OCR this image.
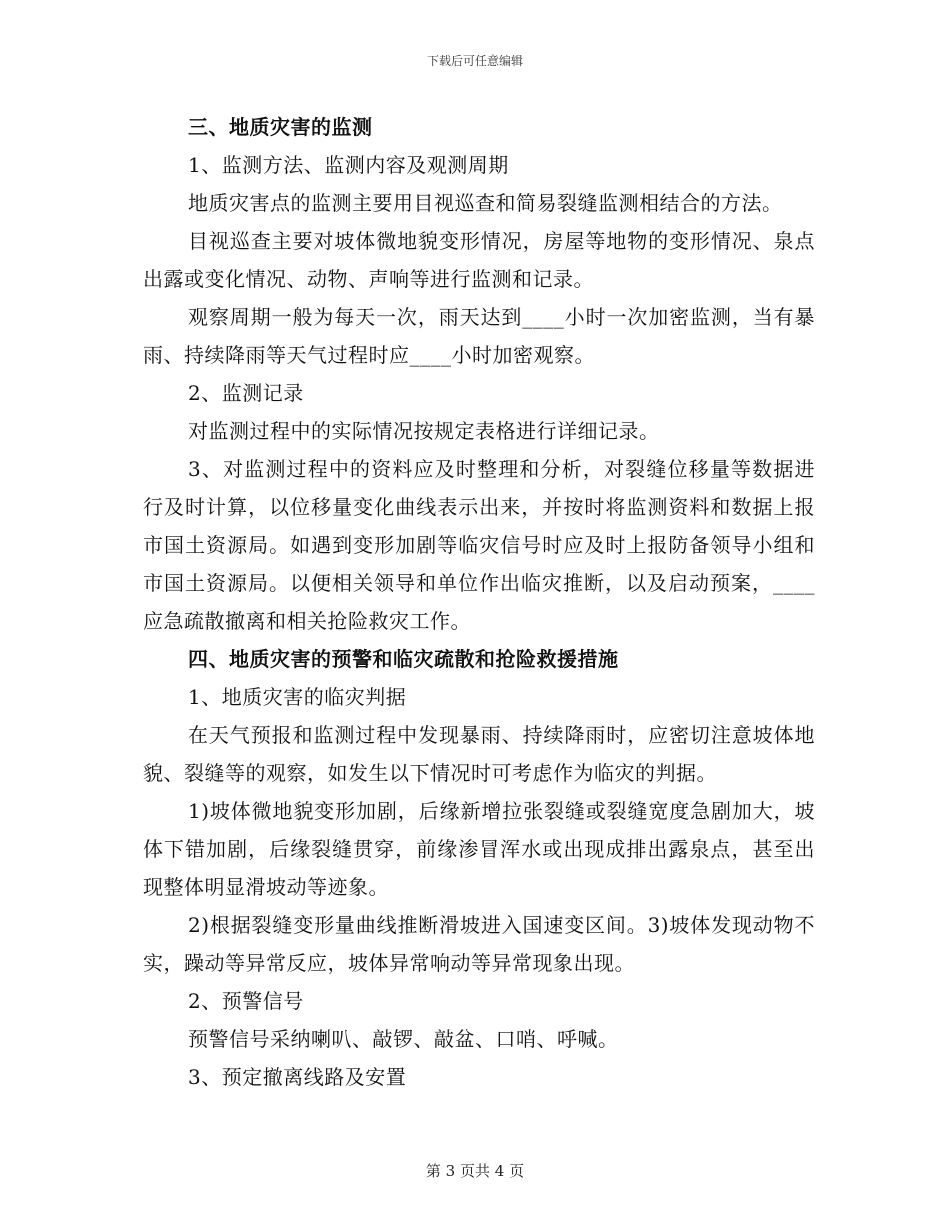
下载后可任意编辑

三、地质灾害的监测

1、监测方法、监测内容及观测周期

地质灾害点的监测主要用目视巡查和简易裂缝监测相结合的方法。

目视巡查主要对坡体微地貌变形情况，房屋等地物的变形情况、泉点出露或变化情况、动物、声响等进行监测和记录。

观察周期一般为每天一次，雨天达到____小时一次加密监测，当有暴雨、持续降雨等天气过程时应____小时加密观察。

2、监测记录

对监测过程中的实际情况按规定表格进行详细记录。

3、对监测过程中的资料应及时整理和分析，对裂缝位移量等数据进行及时计算，以位移量变化曲线表示出来，并按时将监测资料和数据上报市国土资源局。如遇到变形加剧等临灾信号时应及时上报防备领导小组和市国土资源局。以便相关领导和单位作出临灾推断，以及启动预案，____应急疏散撤离和相关抢险救灾工作。

四、地质灾害的预警和临灾疏散和抢险救援措施

1、地质灾害的临灾判据

在天气预报和监测过程中发现暴雨、持续降雨时，应密切注意坡体地貌、裂缝等的观察，如发生以下情况时可考虑作为临灾的判据。

1)坡体微地貌变形加剧，后缘新增拉张裂缝或裂缝宽度急剧加大，坡体下错加剧，后缘裂缝贯穿，前缘渗冒浑水或出现成排出露泉点，甚至出现整体明显滑坡动等迹象。

2)根据裂缝变形量曲线推断滑坡进入国速变区间。3)坡体发现动物不实，躁动等异常反应，坡体异常响动等异常现象出现。

2、预警信号

预警信号采纳喇叭、敲锣、敲盆、口哨、呼喊。

3、预定撤离线路及安置

第 3 页共 4 页
